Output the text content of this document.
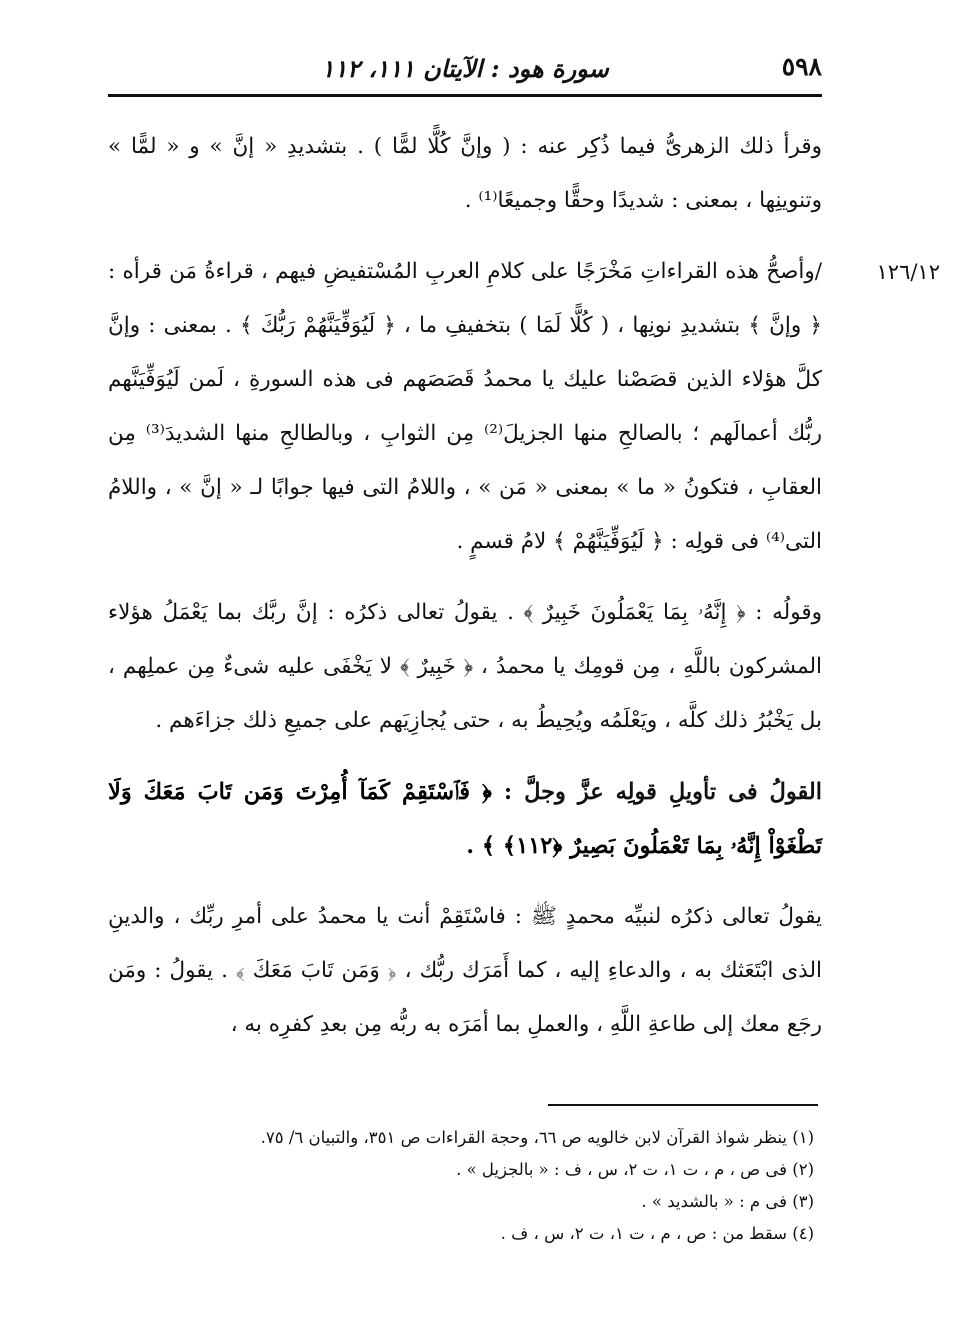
٥٩٨
سورة هود : الآيتان ١١١، ١١٢
١٢٦/١٢

وقرأ ذلك الزهرىُّ فيما ذُكِر عنه : ( وإنَّ كُلًّا لمًّا ) . بتشديدِ « إنَّ » و « لمًّا » وتنوينِها ، بمعنى : شديدًا وحقًّا وجميعًا⁽¹⁾ .

/وأصحُّ هذه القراءاتِ مَخْرَجًا على كلامِ العربِ المُسْتفيضِ فيهم ، قراءةُ مَن قرأه : ﴿ وإنَّ ﴾ بتشديدِ نونِها ، ( كُلًّا لَمَا ) بتخفيفِ ما ، ﴿ لَيُوَفِّيَنَّهُمْ رَبُّكَ ﴾ . بمعنى : وإنَّ كلَّ هؤلاء الذين قصَصْنا عليك يا محمدُ قَصَصَهم فى هذه السورةِ ، لَمن لَيُوَفِّيَنَّهم ربُّك أعمالَهم ؛ بالصالحِ منها الجزيلَ⁽²⁾ مِن الثوابِ ، وبالطالحِ منها الشديدَ⁽³⁾ مِن العقابِ ، فتكونُ « ما » بمعنى « مَن » ، واللامُ التى فيها جوابًا لـ « إنَّ » ، واللامُ التى⁽⁴⁾ فى قولِه : ﴿ لَيُوَفِّيَنَّهُمْ ﴾ لامُ قسمٍ .

وقولُه : ﴿ إِنَّهُۥ بِمَا يَعْمَلُونَ خَبِيرٌ ﴾ . يقولُ تعالى ذكرُه : إنَّ ربَّك بما يَعْمَلُ هؤلاء المشركون باللَّهِ ، مِن قومِك يا محمدُ ، ﴿ خَبِيرٌ ﴾ لا يَخْفَى عليه شىءٌ مِن عملِهم ، بل يَخْبُرُ ذلك كلَّه ، ويَعْلَمُه ويُحِيطُ به ، حتى يُجازِيَهم على جميعِ ذلك جزاءَهم .

القولُ فى تأويلِ قولِه عزَّ وجلَّ : ﴿ فَٱسْتَقِمْ كَمَآ أُمِرْتَ وَمَن تَابَ مَعَكَ وَلَا تَطْغَوْاْ إِنَّهُۥ بِمَا تَعْمَلُونَ بَصِيرٌ ﴿١١٢﴾ ﴾ .

يقولُ تعالى ذكرُه لنبيِّه محمدٍ ﷺ : فاسْتَقِمْ أنت يا محمدُ على أمرِ ربِّك ، والدينِ الذى ابْتَعَثك به ، والدعاءِ إليه ، كما أَمَرَك ربُّك ، ﴿ وَمَن تَابَ مَعَكَ ﴾ . يقولُ : ومَن رجَع معك إلى طاعةِ اللَّهِ ، والعملِ بما أمَرَه به ربُّه مِن بعدِ كفرِه به ،

(١) ينظر شواذ القرآن لابن خالويه ص ٦٦، وحجة القراءات ص ٣٥١، والتبيان ٦/ ٧٥.
(٢) فى ص ، م ، ت ١، ت ٢، س ، ف : « بالجزيل » .
(٣) فى م : « بالشديد » .
(٤) سقط من : ص ، م ، ت ١، ت ٢، س ، ف .
